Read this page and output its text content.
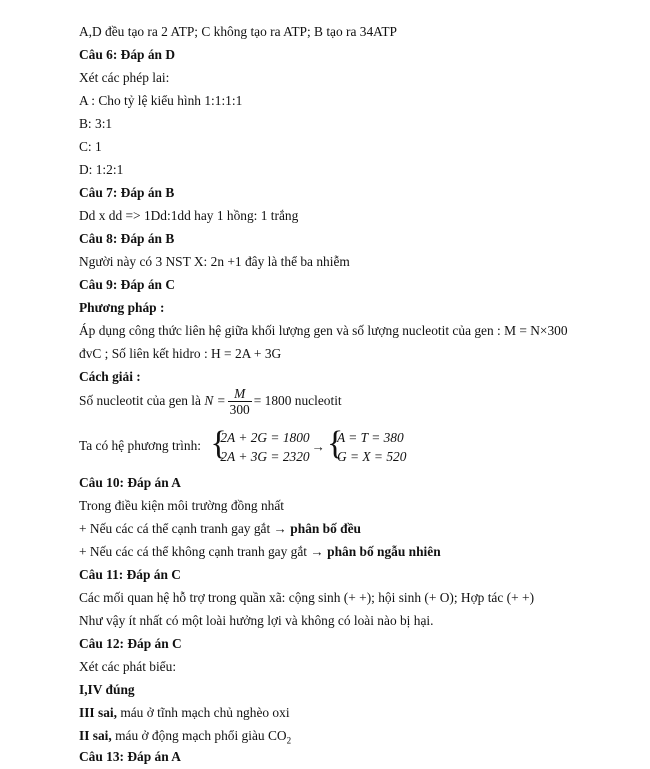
A,D đều tạo ra 2 ATP; C không tạo ra ATP; B tạo ra 34ATP
Câu 6: Đáp án D
Xét các phép lai:
A : Cho tỷ lệ kiểu hình 1:1:1:1
B: 3:1
C: 1
D: 1:2:1
Câu 7: Đáp án B
Dd x dd => 1Dd:1dd hay 1 hồng: 1 trắng
Câu 8: Đáp án B
Người này có 3 NST X: 2n +1 đây là thể ba nhiễm
Câu 9: Đáp án C
Phương pháp :
Áp dụng công thức liên hệ giữa khối lượng gen và số lượng nucleotit của gen : M = N×300
đvC ; Số liên kết hidro : H = 2A + 3G
Cách giải :
Số nucleotit của gen là $N = \frac{M}{300} = 1800$ nucleotit
Ta có hệ phương trình: {
2A + 2G = 1800
2A + 3G = 2320
→ {
A = T = 380
G = X = 520
Câu 10: Đáp án A
Trong điều kiện môi trường đồng nhất
+ Nếu các cá thể cạnh tranh gay gắt → phân bố đều
+ Nếu các cá thể không cạnh tranh gay gắt → phân bố ngẫu nhiên
Câu 11: Đáp án C
Các mối quan hệ hỗ trợ trong quần xã: cộng sinh (+ +); hội sinh (+ O); Hợp tác (+ +)
Như vậy ít nhất có một loài hưởng lợi và không có loài nào bị hại.
Câu 12: Đáp án C
Xét các phát biểu:
I,IV đúng
III sai, máu ở tĩnh mạch chủ nghèo oxi
II sai, máu ở động mạch phổi giàu $CO_2$
Câu 13: Đáp án A
